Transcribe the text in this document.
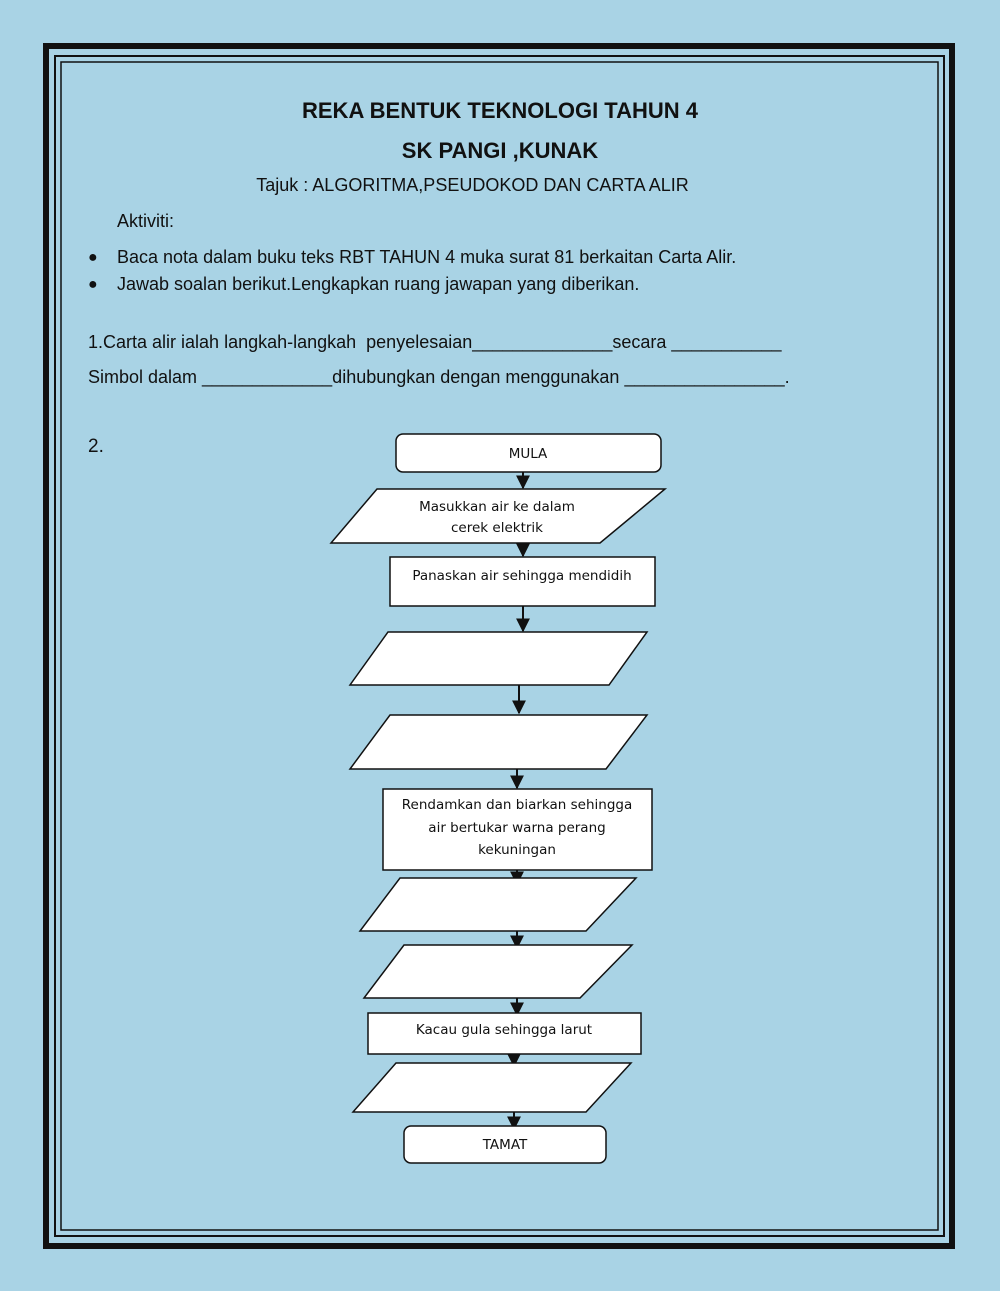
REKA BENTUK TEKNOLOGI TAHUN 4
SK PANGI ,KUNAK
Tajuk : ALGORITMA,PSEUDOKOD DAN CARTA ALIR
Aktiviti:
●	Baca nota dalam buku teks RBT TAHUN 4 muka surat 81 berkaitan Carta Alir.
●	Jawab soalan berikut.Lengkapkan ruang jawapan yang diberikan.
1.Carta alir ialah langkah-langkah  penyelesaian______________secara ___________
Simbol dalam _____________dihubungkan dengan menggunakan ________________.
2.	MULA
Masukkan air ke dalam
cerek elektrik
Panaskan air sehingga mendidih
Rendamkan dan biarkan sehingga
air bertukar warna perang
kekuningan
Kacau gula sehingga larut
TAMAT
